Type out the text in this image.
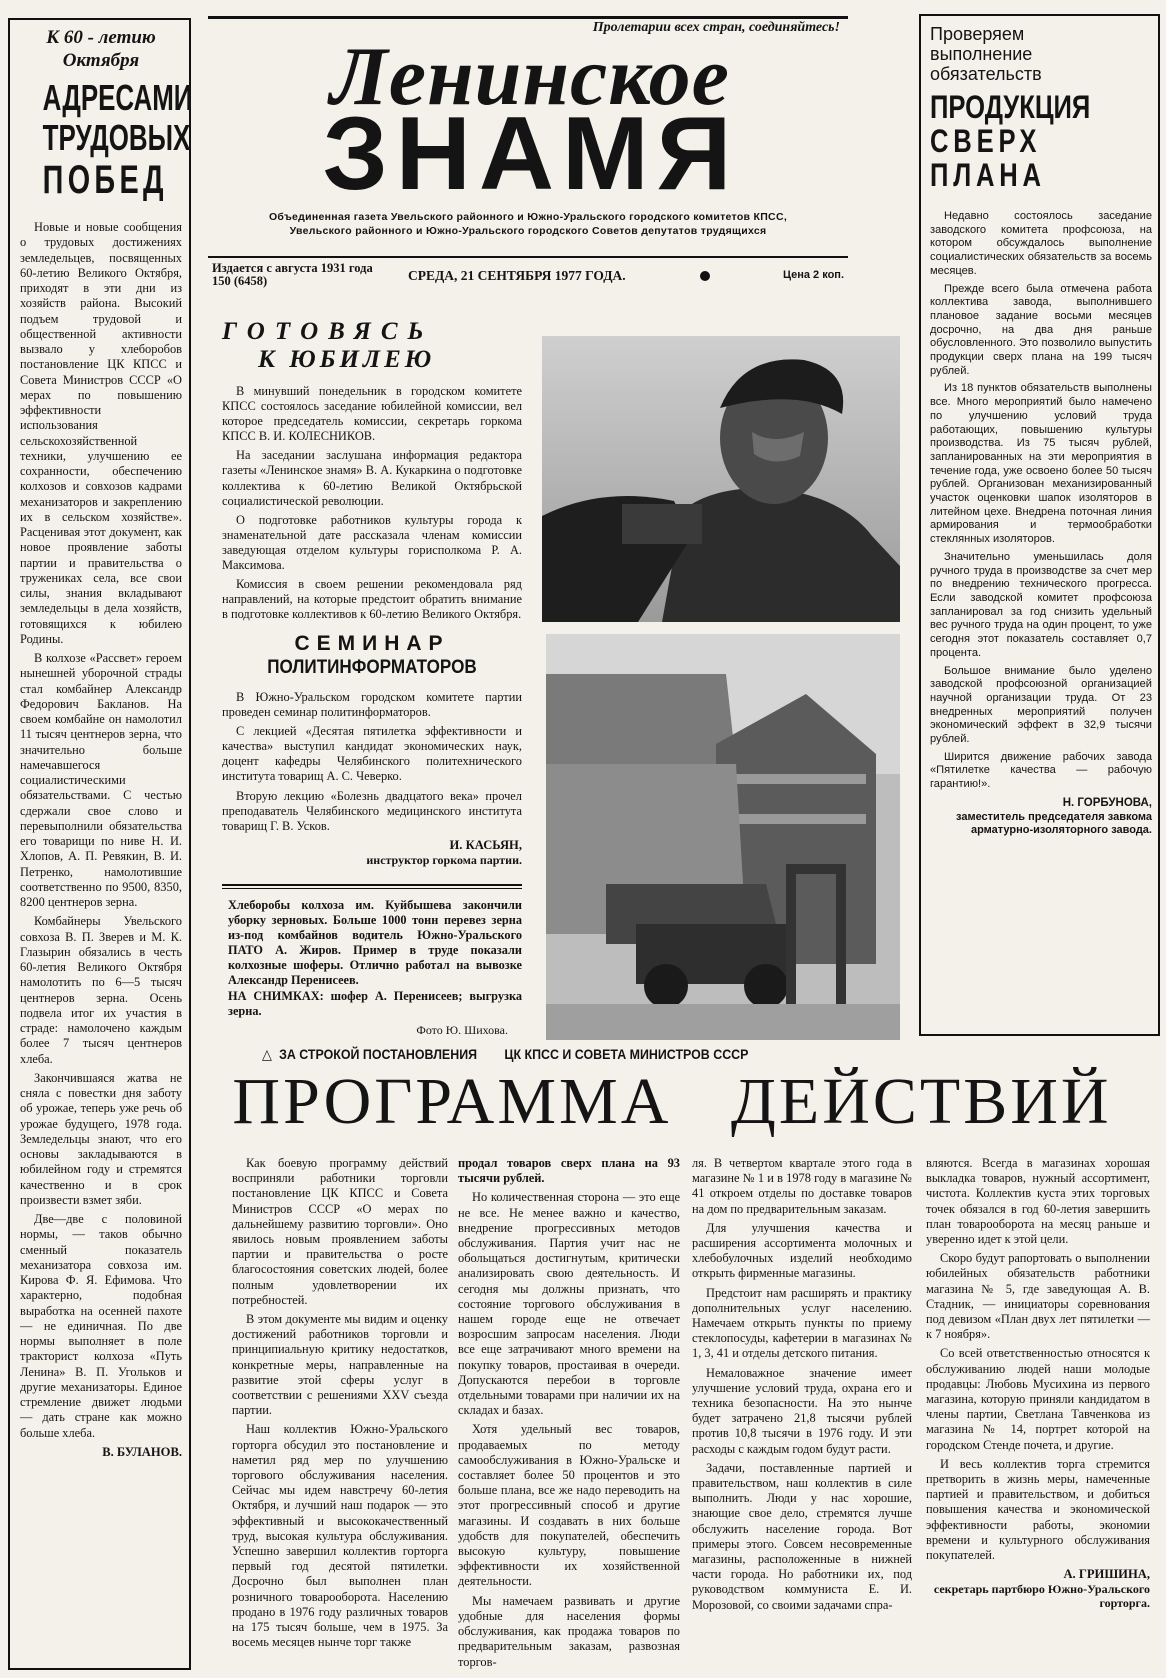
К 60 - летию
Октября
АДРЕСАМИ
ТРУДОВЫХ
ПОБЕД

Новые и новые сообщения о трудовых достижениях земледельцев, посвященных 60-летию Великого Октября, приходят в эти дни из хозяйств района. Высокий подъем трудовой и общественной активности вызвало у хлеборобов постановление ЦК КПСС и Совета Министров СССР «О мерах по повышению эффективности использования сельскохозяйственной техники, улучшению ее сохранности, обеспечению колхозов и совхозов кадрами механизаторов и закреплению их в сельском хозяйстве». Расценивая этот документ, как новое проявление заботы партии и правительства о тружениках села, все свои силы, знания вкладывают земледельцы в дела хозяйств, готовящихся к юбилею Родины.

В колхозе «Рассвет» героем нынешней уборочной страды стал комбайнер Александр Федорович Бакланов. На своем комбайне он намолотил 11 тысяч центнеров зерна, что значительно больше намечавшегося социалистическими обязательствами. С честью сдержали свое слово и перевыполнили обязательства его товарищи по ниве Н. И. Хлопов, А. П. Ревякин, В. И. Петренко, намолотившие соответственно по 9500, 8350, 8200 центнеров зерна.

Комбайнеры Увельского совхоза В. П. Зверев и М. К. Глазырин обязались в честь 60-летия Великого Октября намолотить по 6—5 тысяч центнеров зерна. Осень подвела итог их участия в страде: намолочено каждым более 7 тысяч центнеров хлеба.

Закончившаяся жатва не сняла с повестки дня заботу об урожае, теперь уже речь об урожае будущего, 1978 года. Земледельцы знают, что его основы закладываются в юбилейном году и стремятся качественно и в срок произвести взмет зяби.

Две—две с половиной нормы, — таков обычно сменный показатель механизатора совхоза им. Кирова Ф. Я. Ефимова. Что характерно, подобная выработка на осенней пахоте — не единичная. По две нормы выполняет в поле тракторист колхоза «Путь Ленина» В. П. Угольков и другие механизаторы. Единое стремление движет людьми — дать стране как можно больше хлеба.

В. БУЛАНОВ.
Пролетарии всех стран, соединяйтесь!
Ленинское
ЗНАМЯ
Объединенная газета Увельского районного и Южно-Уральского городского комитетов КПСС,
Увельского районного и Южно-Уральского городского Советов депутатов трудящихся
Издается с августа 1931 года
150 (6458)	СРЕДА, 21 СЕНТЯБРЯ 1977 ГОДА.	Цена 2 коп.
Проверяем
выполнение
обязательств
ПРОДУКЦИЯ
СВЕРХ
ПЛАНА

Недавно состоялось заседание заводского комитета профсоюза, на котором обсуждалось выполнение социалистических обязательств за восемь месяцев.

Прежде всего была отмечена работа коллектива завода, выполнившего плановое задание восьми месяцев досрочно, на два дня раньше обусловленного. Это позволило выпустить продукции сверх плана на 199 тысяч рублей.

Из 18 пунктов обязательств выполнены все. Много мероприятий было намечено по улучшению условий труда работающих, повышению культуры производства. Из 75 тысяч рублей, запланированных на эти мероприятия в течение года, уже освоено более 50 тысяч рублей. Организован механизированный участок оценковки шапок изоляторов в литейном цехе. Внедрена поточная линия армирования и термообработки стеклянных изоляторов.

Значительно уменьшилась доля ручного труда в производстве за счет мер по внедрению технического прогресса. Если заводской комитет профсоюза запланировал за год снизить удельный вес ручного труда на один процент, то уже сегодня этот показатель составляет 0,7 процента.

Большое внимание было уделено заводской профсоюзной организацией научной организации труда. От 23 внедренных мероприятий получен экономический эффект в 32,9 тысячи рублей.

Ширится движение рабочих завода «Пятилетке качества — рабочую гарантию!».

Н. ГОРБУНОВА,
заместитель председателя завкома арматурно-изоляторного завода.
ГОТОВЯСЬ
К ЮБИЛЕЮ

В минувший понедельник в городском комитете КПСС состоялось заседание юбилейной комиссии, вел которое председатель комиссии, секретарь горкома КПСС В. И. КОЛЕСНИКОВ.

На заседании заслушана информация редактора газеты «Ленинское знамя» В. А. Кукаркина о подготовке коллектива к 60-летию Великой Октябрьской социалистической революции.

О подготовке работников культуры города к знаменательной дате рассказала членам комиссии заведующая отделом культуры горисполкома Р. А. Максимова.

Комиссия в своем решении рекомендовала ряд направлений, на которые предстоит обратить внимание в подготовке коллективов к 60-летию Великого Октября.

СЕМИНАР
ПОЛИТИНФОРМАТОРОВ

В Южно-Уральском городском комитете партии проведен семинар политинформаторов.

С лекцией «Десятая пятилетка эффективности и качества» выступил кандидат экономических наук, доцент кафедры Челябинского политехнического института товарищ А. С. Чеверко.

Вторую лекцию «Болезнь двадцатого века» прочел преподаватель Челябинского медицинского института товарищ Г. В. Усков.

И. КАСЬЯН,
инструктор горкома партии.
Хлеборобы колхоза им. Куйбышева закончили уборку зерновых. Больше 1000 тонн перевез зерна из-под комбайнов водитель Южно-Уральского ПАТО А. Жиров. Пример в труде показали колхозные шоферы. Отлично работал на вывозке Александр Перенисеев.
НА СНИМКАХ: шофер А. Перенисеев; выгрузка зерна.
Фото Ю. Шихова.
△ ЗА СТРОКОЙ ПОСТАНОВЛЕНИЯ ЦК КПСС И СОВЕТА МИНИСТРОВ СССР
ПРОГРАММА ДЕЙСТВИЙ

Как боевую программу действий восприняли работники торговли постановление ЦК КПСС и Совета Министров СССР «О мерах по дальнейшему развитию торговли». Оно явилось новым проявлением заботы партии и правительства о росте благосостояния советских людей, более полным удовлетворении их потребностей.

В этом документе мы видим и оценку достижений работников торговли и принципиальную критику недостатков, конкретные меры, направленные на развитие этой сферы услуг в соответствии с решениями XXV съезда партии.

Наш коллектив Южно-Уральского горторга обсудил это постановление и наметил ряд мер по улучшению торгового обслуживания населения. Сейчас мы идем навстречу 60-летия Октября, и лучший наш подарок — это эффективный и высококачественный труд, высокая культура обслуживания. Успешно завершил коллектив горторга первый год десятой пятилетки. Досрочно был выполнен план розничного товарооборота. Населению продано в 1976 году различных товаров на 175 тысяч больше, чем в 1975. За восемь месяцев нынче торг также

продал товаров сверх плана на 93 тысячи рублей.

Но количественная сторона — это еще не все. Не менее важно и качество, внедрение прогрессивных методов обслуживания. Партия учит нас не обольщаться достигнутым, критически анализировать свою деятельность. И сегодня мы должны признать, что состояние торгового обслуживания в нашем городе еще не отвечает возросшим запросам населения. Люди все еще затрачивают много времени на покупку товаров, простаивая в очереди. Допускаются перебои в торговле отдельными товарами при наличии их на складах и базах.

Хотя удельный вес товаров, продаваемых по методу самообслуживания в Южно-Уральске и составляет более 50 процентов и это больше плана, все же надо переводить на этот прогрессивный способ и другие магазины. И создавать в них больше удобств для покупателей, обеспечить высокую культуру, повышение эффективности их хозяйственной деятельности.

Мы намечаем развивать и другие удобные для населения формы обслуживания, как продажа товаров по предварительным заказам, развозная торгов-

ля. В четвертом квартале этого года в магазине № 1 и в 1978 году в магазине № 41 откроем отделы по доставке товаров на дом по предварительным заказам.

Для улучшения качества и расширения ассортимента молочных и хлебобулочных изделий необходимо открыть фирменные магазины.

Предстоит нам расширять и практику дополнительных услуг населению. Намечаем открыть пункты по приему стеклопосуды, кафетерии в магазинах № 1, 3, 41 и отделы детского питания.

Немаловажное значение имеет улучшение условий труда, охрана его и техника безопасности. На это нынче будет затрачено 21,8 тысячи рублей против 10,8 тысячи в 1976 году. И эти расходы с каждым годом будут расти.

Задачи, поставленные партией и правительством, наш коллектив в силе выполнить. Люди у нас хорошие, знающие свое дело, стремятся лучше обслужить население города. Вот примеры этого. Совсем несовременные магазины, расположенные в нижней части города. Но работники их, под руководством коммуниста Е. И. Морозовой, со своими задачами спра-

вляются. Всегда в магазинах хорошая выкладка товаров, нужный ассортимент, чистота. Коллектив куста этих торговых точек обязался в год 60-летия завершить план товарооборота на месяц раньше и уверенно идет к этой цели.

Скоро будут рапортовать о выполнении юбилейных обязательств работники магазина № 5, где заведующая А. В. Стадник, — инициаторы соревнования под девизом «План двух лет пятилетки — к 7 ноября».

Со всей ответственностью относятся к обслуживанию людей наши молодые продавцы: Любовь Мусихина из первого магазина, которую приняли кандидатом в члены партии, Светлана Тавченкова из магазина № 14, портрет которой на городском Стенде почета, и другие.

И весь коллектив торга стремится претворить в жизнь меры, намеченные партией и правительством, и добиться повышения качества и экономической эффективности работы, экономии времени и культурного обслуживания покупателей.

А. ГРИШИНА,
секретарь партбюро Южно-Уральского горторга.
